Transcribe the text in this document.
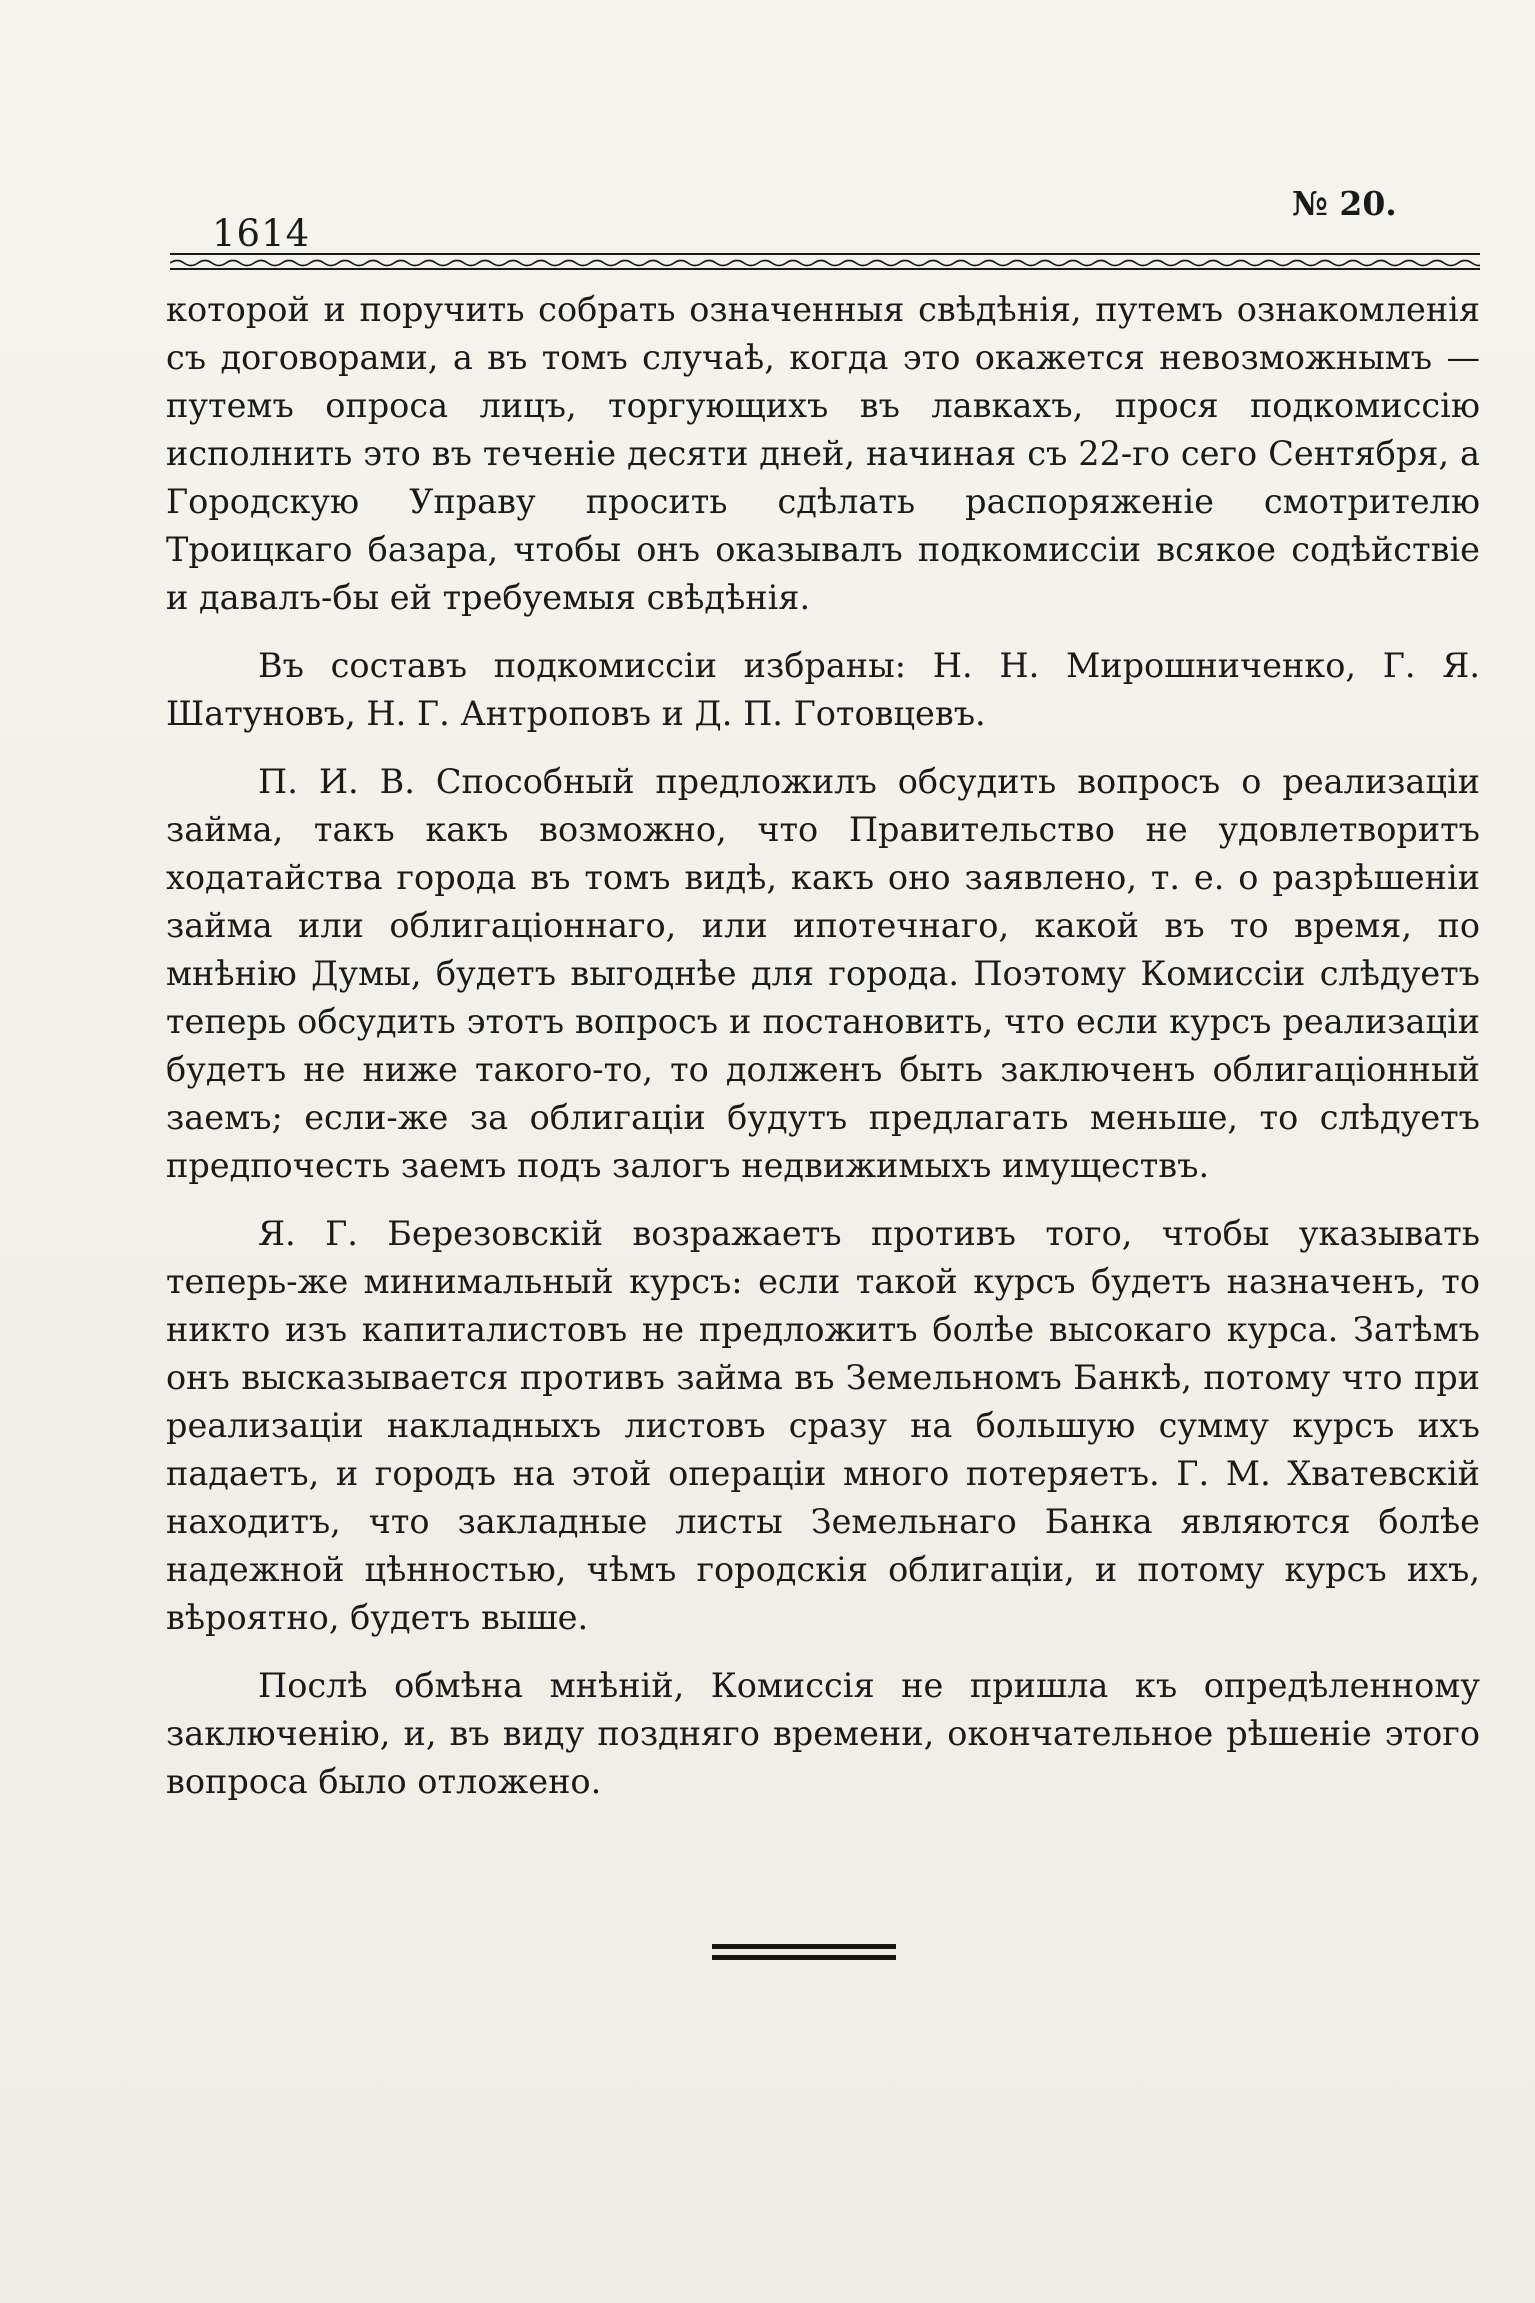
1614
№ 20.

которой и поручить собрать означенныя свѣдѣнія, путемъ ознакомленія съ договорами, а въ томъ случаѣ, когда это окажется невозможнымъ — путемъ опроса лицъ, торгующихъ въ лавкахъ, прося подкомиссію исполнить это въ теченіе десяти дней, начиная съ 22-го сего Сентября, а Городскую Управу просить сдѣлать распоряженіе смотрителю Троицкаго базара, чтобы онъ оказывалъ подкомиссіи всякое содѣйствіе и давалъ-бы ей требуемыя свѣдѣнія.

Въ составъ подкомиссіи избраны: Н. Н. Мирошниченко, Г. Я. Шатуновъ, Н. Г. Антроповъ и Д. П. Готовцевъ.

П. И. В. Способный предложилъ обсудить вопросъ о реализаціи займа, такъ какъ возможно, что Правительство не удовлетворитъ ходатайства города въ томъ видѣ, какъ оно заявлено, т. е. о разрѣшеніи займа или облигаціоннаго, или ипотечнаго, какой въ то время, по мнѣнію Думы, будетъ выгоднѣе для города. Поэтому Комиссіи слѣдуетъ теперь обсудить этотъ вопросъ и постановить, что если курсъ реализаціи будетъ не ниже такого-то, то долженъ быть заключенъ облигаціонный заемъ; если-же за облигаціи будутъ предлагать меньше, то слѣдуетъ предпочесть заемъ подъ залогъ недвижимыхъ имуществъ.

Я. Г. Березовскій возражаетъ противъ того, чтобы указывать теперь-же минимальный курсъ: если такой курсъ будетъ назначенъ, то никто изъ капиталистовъ не предложитъ болѣе высокаго курса. Затѣмъ онъ высказывается противъ займа въ Земельномъ Банкѣ, потому что при реализаціи накладныхъ листовъ сразу на большую сумму курсъ ихъ падаетъ, и городъ на этой операціи много потеряетъ. Г. М. Хватевскій находитъ, что закладные листы Земельнаго Банка являются болѣе надежной цѣнностью, чѣмъ городскія облигаціи, и потому курсъ ихъ, вѣроятно, будетъ выше.

Послѣ обмѣна мнѣній, Комиссія не пришла къ опредѣленному заключенію, и, въ виду поздняго времени, окончательное рѣшеніе этого вопроса было отложено.
